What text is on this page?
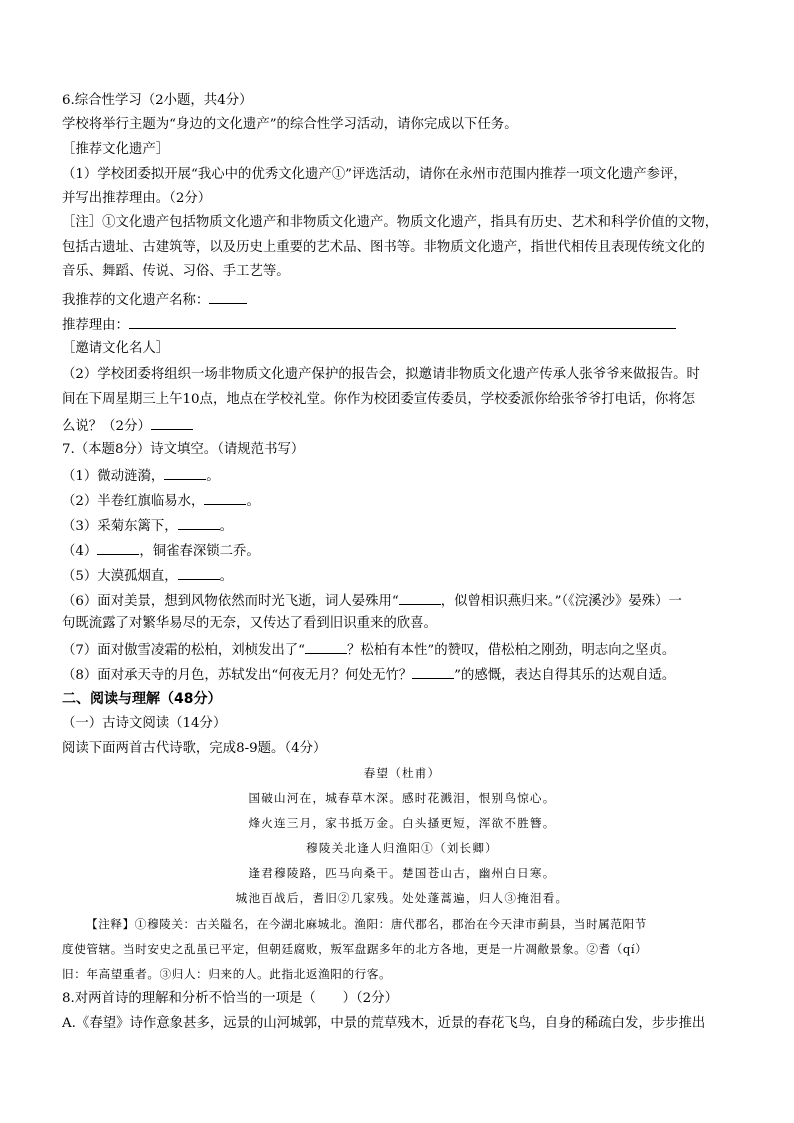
6.综合性学习（2小题，共4分）
学校将举行主题为“身边的文化遗产”的综合性学习活动，请你完成以下任务。
［推荐文化遗产］
（1）学校团委拟开展“我心中的优秀文化遗产①”评选活动，请你在永州市范围内推荐一项文化遗产参评，
并写出推荐理由。（2分）
［注］①文化遗产包括物质文化遗产和非物质文化遗产。物质文化遗产，指具有历史、艺术和科学价值的文物，
包括古遗址、古建筑等，以及历史上重要的艺术品、图书等。非物质文化遗产，指世代相传且表现传统文化的
音乐、舞蹈、传说、习俗、手工艺等。
我推荐的文化遗产名称：
推荐理由：
［邀请文化名人］
（2）学校团委将组织一场非物质文化遗产保护的报告会，拟邀请非物质文化遗产传承人张爷爷来做报告。时
间在下周星期三上午10点，地点在学校礼堂。你作为校团委宣传委员，学校委派你给张爷爷打电话，你将怎
么说？（2分）
7.（本题8分）诗文填空。（请规范书写）
（1）微动涟漪，	。
（2）半卷红旗临易水，	。
（3）采菊东篱下，	。
（4）	，铜雀春深锁二乔。
（5）大漠孤烟直，	。
（6）面对美景，想到风物依然而时光飞逝，词人晏殊用“	，似曾相识燕归来。”（《浣溪沙》晏殊）一
句既流露了对繁华易尽的无奈，又传达了看到旧识重来的欣喜。
（7）面对傲雪凌霜的松柏，刘桢发出了“	？松柏有本性”的赞叹，借松柏之刚劲，明志向之坚贞。
（8）面对承天寺的月色，苏轼发出“何夜无月？何处无竹？	”的感慨，表达自得其乐的达观自适。
二、阅读与理解（48分）
（一）古诗文阅读（14分）
阅读下面两首古代诗歌，完成8-9题。（4分）
春望（杜甫）
国破山河在，城春草木深。感时花溅泪，恨别鸟惊心。
烽火连三月，家书抵万金。白头搔更短，浑欲不胜簪。
穆陵关北逢人归渔阳①（刘长卿）
逢君穆陵路，匹马向桑干。楚国苍山古，幽州白日寒。
城池百战后，耆旧②几家残。处处蓬蒿遍，归人③掩泪看。
【注释】①穆陵关：古关隘名，在今湖北麻城北。渔阳：唐代郡名，郡治在今天津市蓟县，当时属范阳节
度使管辖。当时安史之乱虽已平定，但朝廷腐败，叛军盘踞多年的北方各地，更是一片凋敝景象。②耆（qí）
旧：年高望重者。③归人：归来的人。此指北返渔阳的行客。
8.对两首诗的理解和分析不恰当的一项是（　　）（2分）
A.《春望》诗作意象甚多，远景的山河城郭，中景的荒草残木，近景的春花飞鸟，自身的稀疏白发，步步推出
